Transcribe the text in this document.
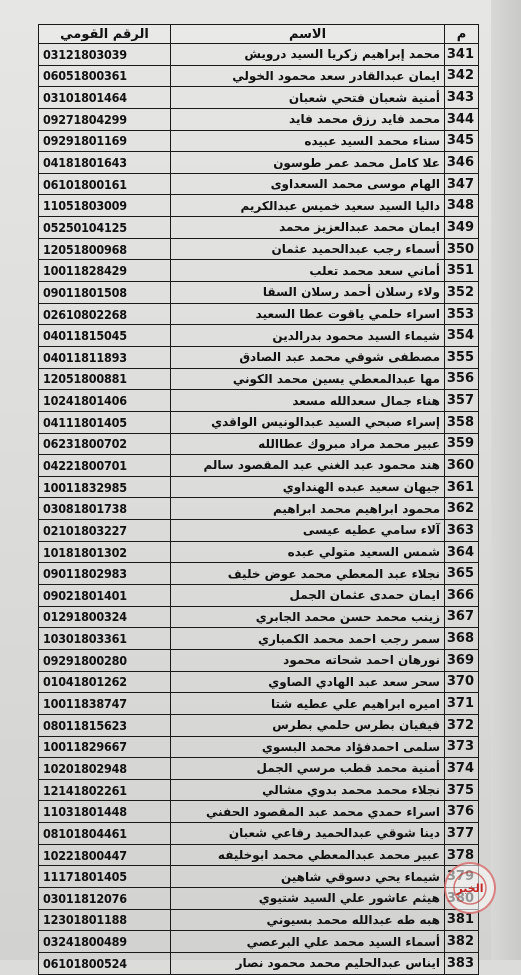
م	الاسم	الرقم القومي
341	محمد إبراهيم زكريا السيد درويش	03121803039
342	ايمان عبدالقادر سعد محمود الخولي	06051800361
343	أمنية شعبان فتحي شعبان	03101801464
344	محمد فايد رزق محمد فايد	09271804299
345	سناء محمد السيد عبيده	09291801169
346	علا كامل محمد عمر طوسون	04181801643
347	الهام موسى محمد السعداوى	06101800161
348	داليا السيد سعيد خميس عبدالكريم	11051803009
349	ايمان محمد عبدالعزيز محمد	05250104125
350	أسماء رجب عبدالحميد عثمان	12051800968
351	أماني سعد محمد تعلب	10011828429
352	ولاء رسلان أحمد رسلان السقا	09011801508
353	اسراء حلمي ياقوت عطا السعيد	02610802268
354	شيماء السيد محمود بدرالدين	04011815045
355	مصطفى شوقي محمد عبد الصادق	04011811893
356	مها عبدالمعطي يسين محمد الكوني	12051800881
357	هناء جمال سعدالله مسعد	10241801406
358	إسراء صبحي السيد عبدالونيس الواقدي	04111801405
359	عبير محمد مراد مبروك عطاالله	06231800702
360	هند محمود عبد الغني عبد المقصود سالم	04221800701
361	جيهان سعيد عبده الهنداوي	10011832985
362	محمود ابراهيم محمد ابراهيم	03081801738
363	آلاء سامي عطيه عيسى	02101803227
364	شمس السعيد متولي عبده	10181801302
365	نجلاء عبد المعطي محمد عوض خليف	09011802983
366	ايمان حمدى عثمان الجمل	09021801401
367	زينب محمد حسن محمد الجابري	01291800324
368	سمر رجب احمد محمد الكمباري	10301803361
369	نورهان احمد شحاته محمود	09291800280
370	سحر سعد عبد الهادي الصاوي	01041801262
371	اميره ابراهيم علي عطيه شتا	10011838747
372	فيفيان بطرس حلمي بطرس	08011815623
373	سلمى احمدفؤاد محمد البسوي	10011829667
374	أمنية محمد قطب مرسي الجمل	10201802948
375	نجلاء محمد محمد بدوي مشالي	12141802261
376	اسراء حمدي محمد عبد المقصود الحفني	11031801448
377	دينا شوقي عبدالحميد رفاعي شعبان	08101804461
378	عبير محمد عبدالمعطي محمد ابوخليفه	10221800447
	شيماء يحي دسوقي شاهين	11171801405
	هيثم عاشور علي السيد شتيوي	03011812076
381	هبه طه عبدالله محمد بسيوني	12301801188
382	أسماء السيد محمد علي البرعصي	03241800489
383	ايناس عبدالحليم محمد محمود نصار	06101800524
الخبر
